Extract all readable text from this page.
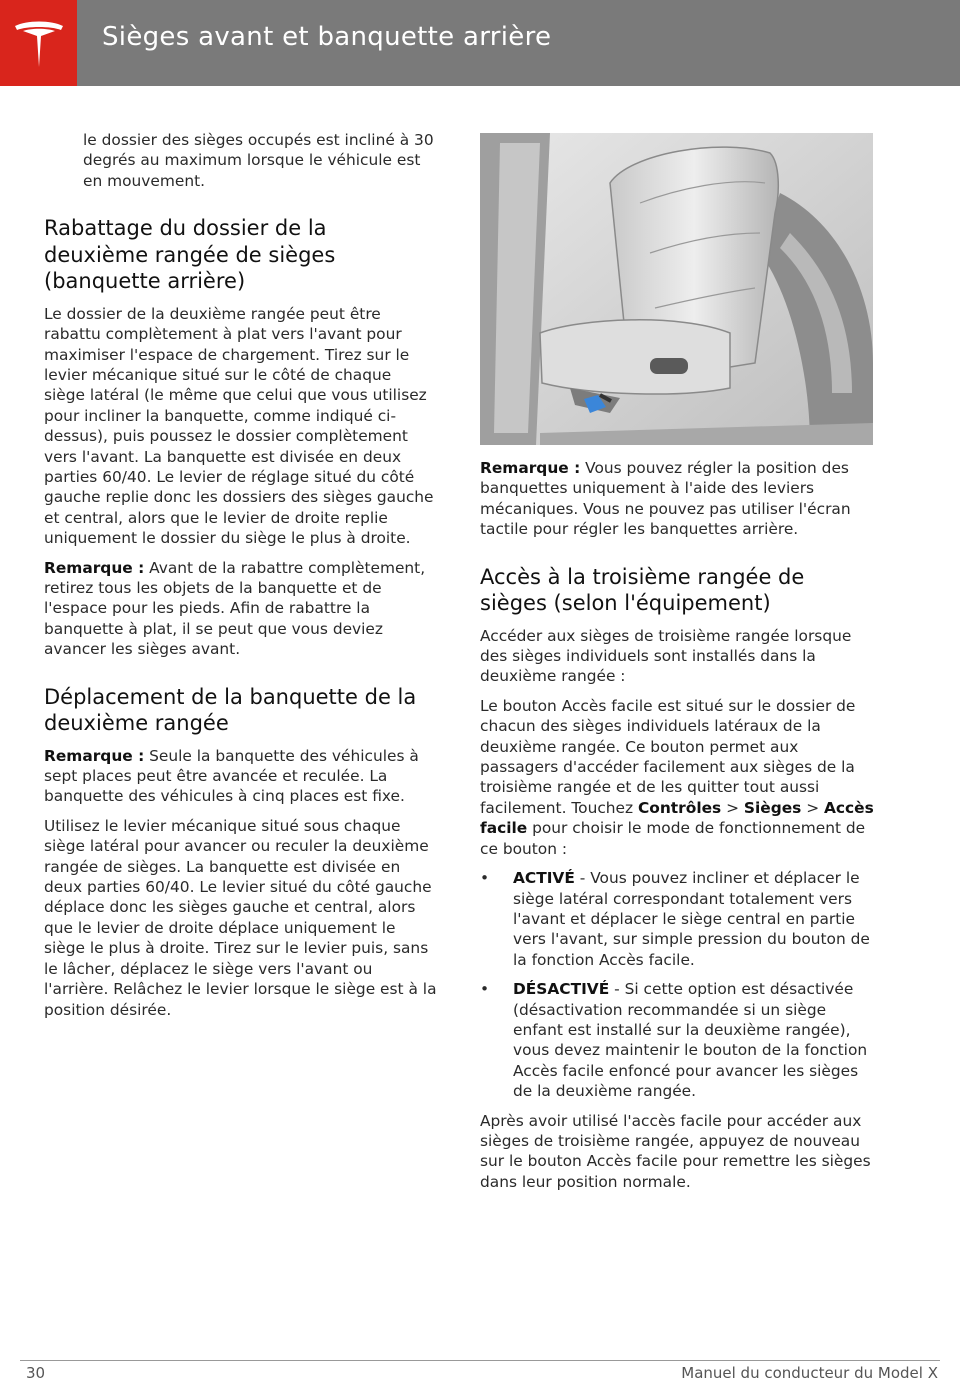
Sièges avant et banquette arrière

le dossier des sièges occupés est incliné à 30 degrés au maximum lorsque le véhicule est en mouvement.

Rabattage du dossier de la deuxième rangée de sièges (banquette arrière)

Le dossier de la deuxième rangée peut être rabattu complètement à plat vers l'avant pour maximiser l'espace de chargement. Tirez sur le levier mécanique situé sur le côté de chaque siège latéral (le même que celui que vous utilisez pour incliner la banquette, comme indiqué ci-dessus), puis poussez le dossier complètement vers l'avant. La banquette est divisée en deux parties 60/40. Le levier de réglage situé du côté gauche replie donc les dossiers des sièges gauche et central, alors que le levier de droite replie uniquement le dossier du siège le plus à droite.

Remarque : Avant de la rabattre complètement, retirez tous les objets de la banquette et de l'espace pour les pieds. Afin de rabattre la banquette à plat, il se peut que vous deviez avancer les sièges avant.

Déplacement de la banquette de la deuxième rangée

Remarque : Seule la banquette des véhicules à sept places peut être avancée et reculée. La banquette des véhicules à cinq places est fixe.

Utilisez le levier mécanique situé sous chaque siège latéral pour avancer ou reculer la deuxième rangée de sièges. La banquette est divisée en deux parties 60/40. Le levier situé du côté gauche déplace donc les sièges gauche et central, alors que le levier de droite déplace uniquement le siège le plus à droite. Tirez sur le levier puis, sans le lâcher, déplacez le siège vers l'avant ou l'arrière. Relâchez le levier lorsque le siège est à la position désirée.

Remarque : Vous pouvez régler la position des banquettes uniquement à l'aide des leviers mécaniques. Vous ne pouvez pas utiliser l'écran tactile pour régler les banquettes arrière.

Accès à la troisième rangée de sièges (selon l'équipement)

Accéder aux sièges de troisième rangée lorsque des sièges individuels sont installés dans la deuxième rangée :

Le bouton Accès facile est situé sur le dossier de chacun des sièges individuels latéraux de la deuxième rangée. Ce bouton permet aux passagers d'accéder facilement aux sièges de la troisième rangée et de les quitter tout aussi facilement. Touchez Contrôles > Sièges > Accès facile pour choisir le mode de fonctionnement de ce bouton :

• ACTIVÉ - Vous pouvez incliner et déplacer le siège latéral correspondant totalement vers l'avant et déplacer le siège central en partie vers l'avant, sur simple pression du bouton de la fonction Accès facile.
• DÉSACTIVÉ - Si cette option est désactivée (désactivation recommandée si un siège enfant est installé sur la deuxième rangée), vous devez maintenir le bouton de la fonction Accès facile enfoncé pour avancer les sièges de la deuxième rangée.

Après avoir utilisé l'accès facile pour accéder aux sièges de troisième rangée, appuyez de nouveau sur le bouton Accès facile pour remettre les sièges dans leur position normale.

30	Manuel du conducteur du Model X
